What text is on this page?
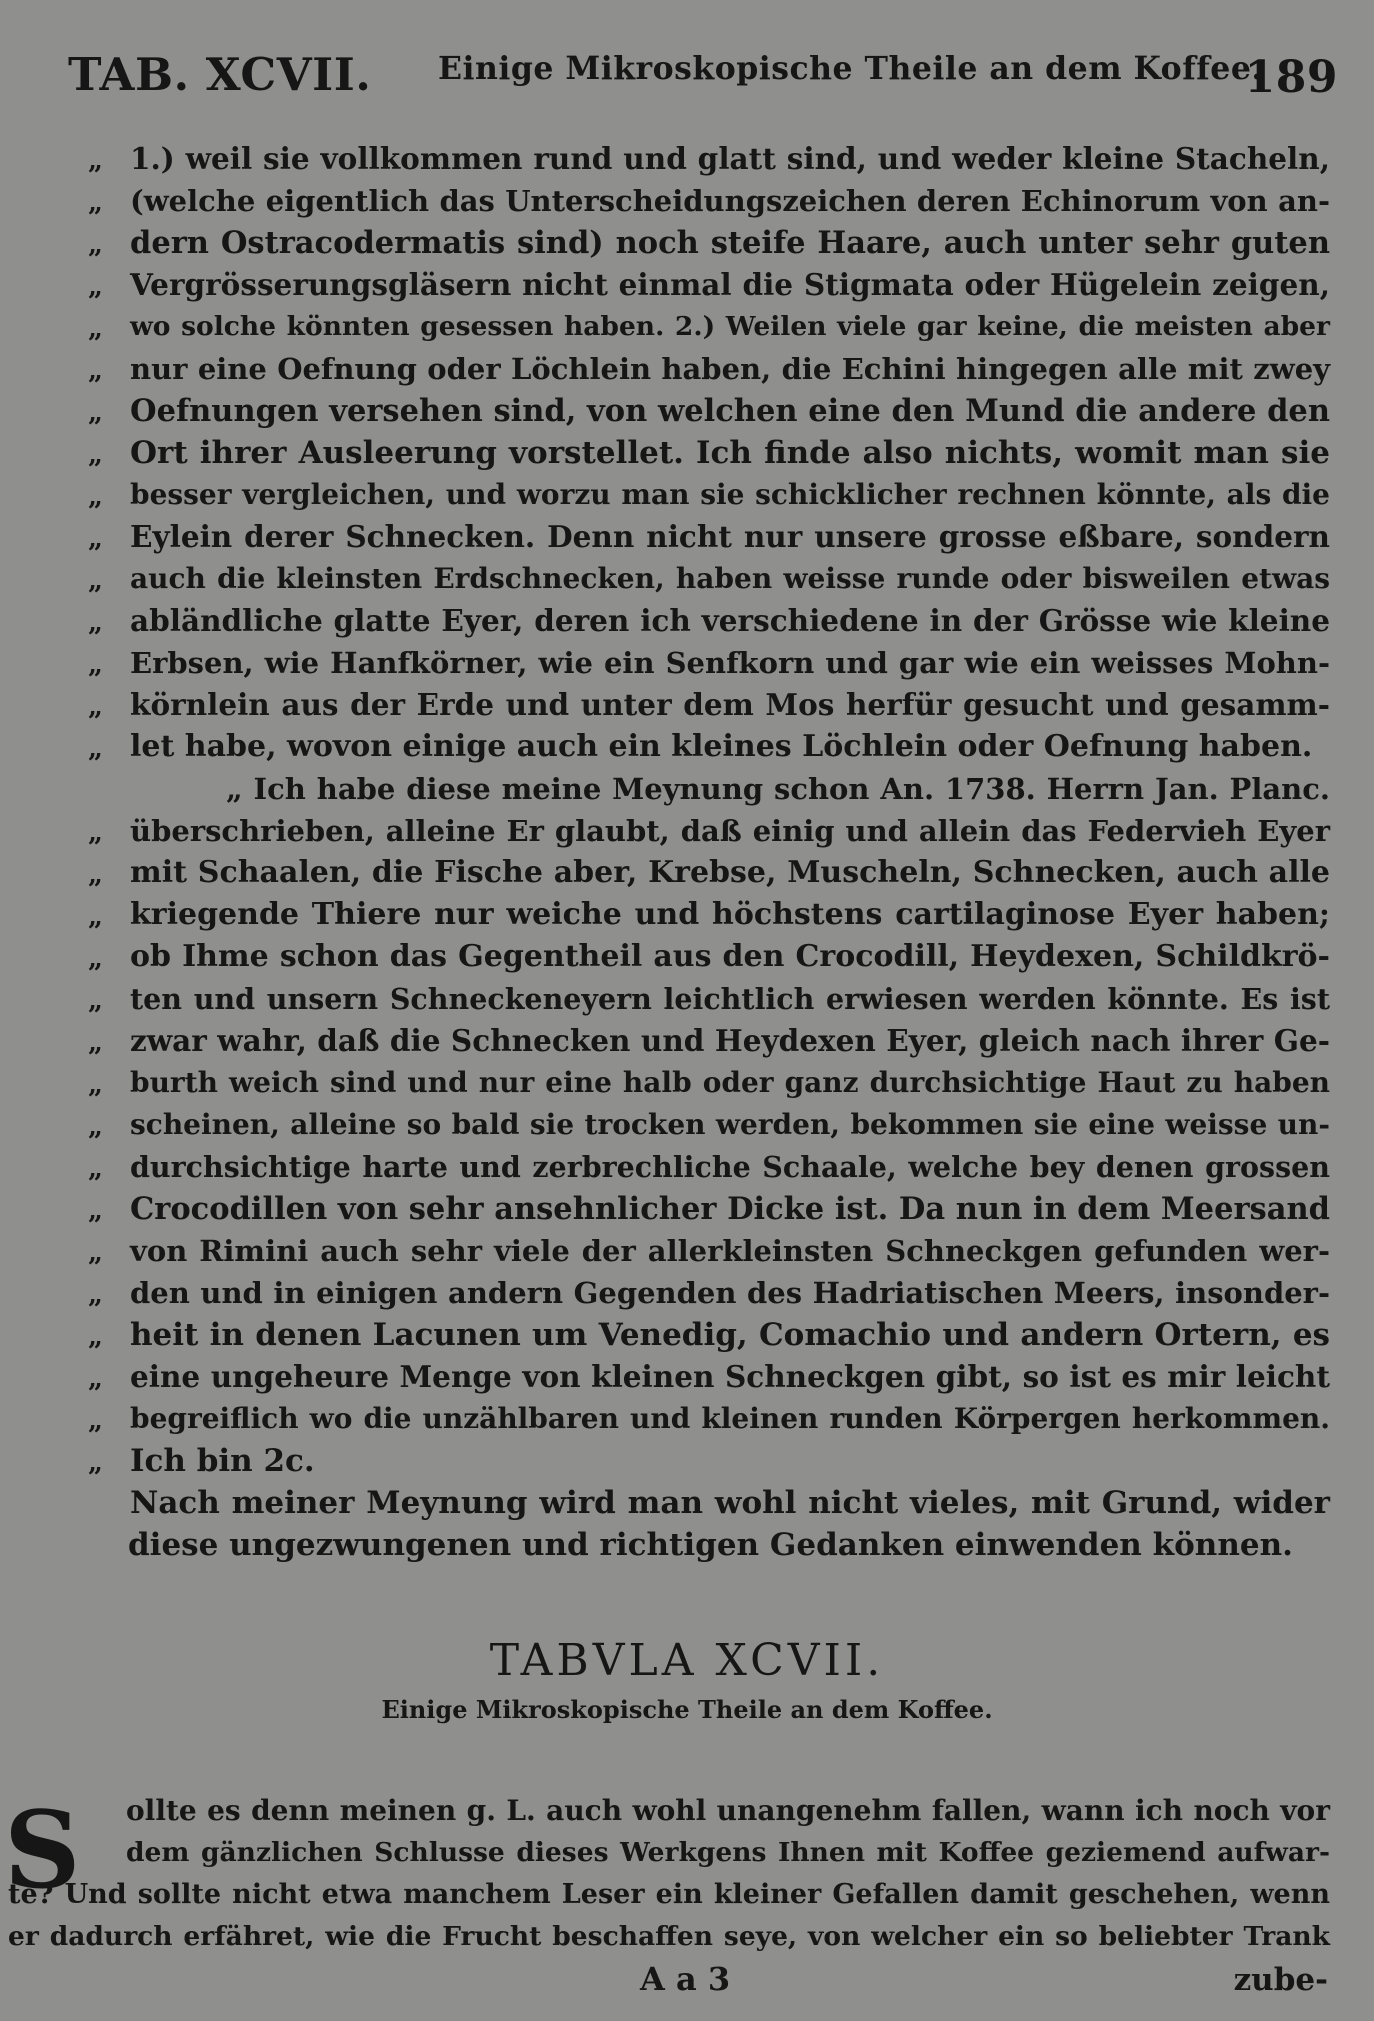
TAB. XCVII. Einige Mikroskopische Theile an dem Koffee.
189
„ 1.) weil sie vollkommen rund und glatt sind, und weder kleine Stacheln,
„ (welche eigentlich das Unterscheidungszeichen deren Echinorum von an-
„ dern Ostracodermatis sind) noch steife Haare, auch unter sehr guten
„ Vergrösserungsgläsern nicht einmal die Stigmata oder Hügelein zeigen,
„ wo solche könnten gesessen haben. 2.) Weilen viele gar keine, die meisten aber
„ nur eine Oefnung oder Löchlein haben, die Echini hingegen alle mit zwey
„ Oefnungen versehen sind, von welchen eine den Mund die andere den
„ Ort ihrer Ausleerung vorstellet. Ich finde also nichts, womit man sie
„ besser vergleichen, und worzu man sie schicklicher rechnen könnte, als die
„ Eylein derer Schnecken. Denn nicht nur unsere grosse eßbare, sondern
„ auch die kleinsten Erdschnecken, haben weisse runde oder bisweilen etwas
„ abländliche glatte Eyer, deren ich verschiedene in der Grösse wie kleine
„ Erbsen, wie Hanfkörner, wie ein Senfkorn und gar wie ein weisses Mohn-
„ körnlein aus der Erde und unter dem Mos herfür gesucht und gesamm-
„ let habe, wovon einige auch ein kleines Löchlein oder Oefnung haben.
„ Ich habe diese meine Meynung schon An. 1738. Herrn Jan. Planc.
„ überschrieben, alleine Er glaubt, daß einig und allein das Federvieh Eyer
„ mit Schaalen, die Fische aber, Krebse, Muscheln, Schnecken, auch alle
„ kriegende Thiere nur weiche und höchstens cartilaginose Eyer haben;
„ ob Ihme schon das Gegentheil aus den Crocodill, Heydexen, Schildkrö-
„ ten und unsern Schneckeneyern leichtlich erwiesen werden könnte. Es ist
„ zwar wahr, daß die Schnecken und Heydexen Eyer, gleich nach ihrer Ge-
„ burth weich sind und nur eine halb oder ganz durchsichtige Haut zu haben
„ scheinen, alleine so bald sie trocken werden, bekommen sie eine weisse un-
„ durchsichtige harte und zerbrechliche Schaale, welche bey denen grossen
„ Crocodillen von sehr ansehnlicher Dicke ist. Da nun in dem Meersand
„ von Rimini auch sehr viele der allerkleinsten Schneckgen gefunden wer-
„ den und in einigen andern Gegenden des Hadriatischen Meers, insonder-
„ heit in denen Lacunen um Venedig, Comachio und andern Ortern, es
„ eine ungeheure Menge von kleinen Schneckgen gibt, so ist es mir leicht
„ begreiflich wo die unzählbaren und kleinen runden Körpergen herkommen.
„ Ich bin 2c.
Nach meiner Meynung wird man wohl nicht vieles, mit Grund, wider
diese ungezwungenen und richtigen Gedanken einwenden können.
TABVLA XCVII.
Einige Mikroskopische Theile an dem Koffee.
S	ollte es denn meinen g. L. auch wohl unangenehm fallen, wann ich noch vor
dem gänzlichen Schlusse dieses Werkgens Ihnen mit Koffee geziemend aufwar-
te? Und sollte nicht etwa manchem Leser ein kleiner Gefallen damit geschehen, wenn
er dadurch erfähret, wie die Frucht beschaffen seye, von welcher ein so beliebter Trank
A a 3	zube-
